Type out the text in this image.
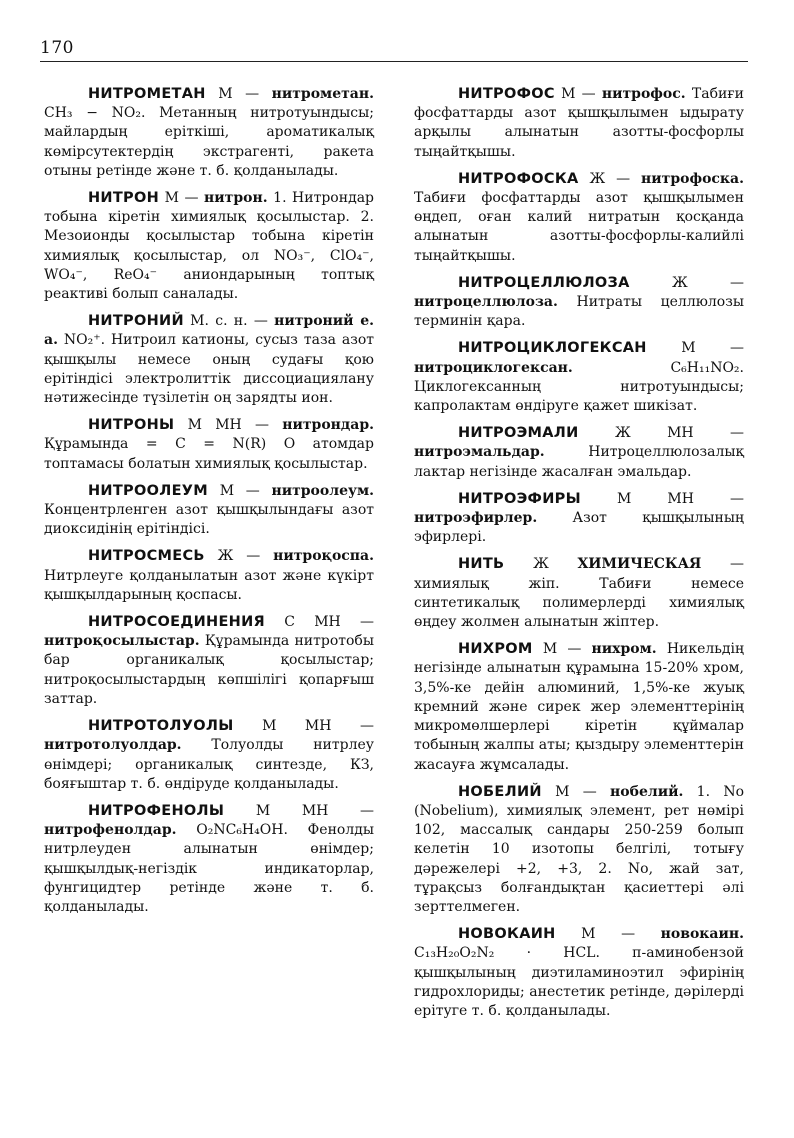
170

НИТРОМЕТАН М — нитрометан. CH₃ − NO₂. Метанның нитротуындысы; майлардың ерiткiшi, ароматикалық көмiрсутектердiң экстрагентi, ракета отыны ретiнде және т. б. қолданылады.

НИТРОН М — нитрон. 1. Нитрондар тобына кiретiн химиялық қосылыстар. 2. Мезоионды қосылыстар тобына кiретiн химиялық қосылыстар, ол NO₃⁻, ClO₄⁻, WO₄⁻, ReO₄⁻ аниондарының топтық реактивi болып саналады.

НИТРОНИЙ М. с. н. — нитроний е. а. NO₂⁺. Нитроил катионы, сусыз таза азот қышқылы немесе оның судағы қою ерiтiндiсi электролиттiк диссоциациялану нәтижесiнде түзiлетiн оң зарядты ион.

НИТРОНЫ М МН — нитрондар. Құрамында = C = N(R) O атомдар топтамасы болатын химиялық қосылыстар.

НИТРООЛЕУМ М — нитроолеум. Концентрленген азот қышқылындағы азот диоксидiнiң ерiтiндiсi.

НИТРОСМЕСЬ Ж — нитроқоспа. Нитрлеуге қолданылатын азот және күкiрт қышқылдарының қоспасы.

НИТРОСОЕДИНЕНИЯ С МН — нитроқосылыстар. Құрамында нитротобы бар органикалық қосылыстар; нитроқосылыстардың көпшiлiгi қопарғыш заттар.

НИТРОТОЛУОЛЫ М МН — нитротолуолдар. Толуолды нитрлеу өнiмдерi; органикалық синтезде, КЗ, бояғыштар т. б. өндiруде қолданылады.

НИТРОФЕНОЛЫ М МН — нитрофенолдар. O₂NC₆H₄OH. Фенолды нитрлеуден алынатын өнiмдер; қышқылдық-негiздiк индикаторлар, фунгицидтер ретiнде және т. б. қолданылады.

НИТРОФОС М — нитрофос. Табиғи фосфаттарды азот қышқылымен ыдырату арқылы алынатын азотты-фосфорлы тыңайтқышы.

НИТРОФОСКА Ж — нитрофоска. Табиғи фосфаттарды азот қышқылымен өңдеп, оған калий нитратын қосқанда алынатын азотты-фосфорлы-калийлi тыңайтқышы.

НИТРОЦЕЛЛЮЛОЗА Ж — нитроцеллюлоза. Нитраты целлюлозы терминiн қара.

НИТРОЦИКЛОГЕКСАН М — нитроциклогексан. C₆H₁₁NO₂. Циклогексанның нитротуындысы; капролактам өндiруге қажет шикiзат.

НИТРОЭМАЛИ Ж МН — нитроэмальдар. Нитроцеллюлозалық лактар негiзiнде жасалған эмальдар.

НИТРОЭФИРЫ М МН — нитроэфирлер. Азот қышқылының эфирлерi.

НИТЬ Ж ХИМИЧЕСКАЯ — химиялық жiп. Табиғи немесе синтетикалық полимерлердi химиялық өңдеу жолмен алынатын жiптер.

НИХРОМ М — нихром. Никельдiң негiзiнде алынатын құрамына 15-20% хром, 3,5%-ке дейiн алюминий, 1,5%-ке жуық кремний және сирек жер элементтерiнiң микромөлшерлерi кiретiн құймалар тобының жалпы аты; қыздыру элементтерiн жасауға жұмсалады.

НОБЕЛИЙ М — нобелий. 1. No (Nobelium), химиялық элемент, рет нөмiрi 102, массалық сандары 250-259 болып келетiн 10 изотопы белгiлi, тотығу дәрежелерi +2, +3, 2. No, жай зат, тұрақсыз болғандықтан қасиеттерi әлi зерттелмеген.

НОВОКАИН М — новокаин. C₁₃H₂₀O₂N₂ · HCL. п-аминобензой қышқылының диэтиламиноэтил эфирiнiң гидрохлориды; анестетик ретiнде, дәрiлердi ерiтуге т. б. қолданылады.
